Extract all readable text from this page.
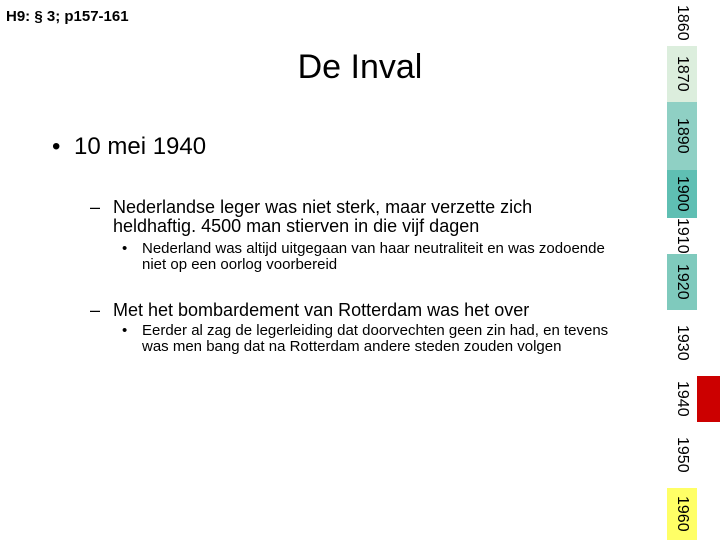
H9: § 3; p157-161
De Inval
• 10 mei 1940
– Nederlandse leger was niet sterk, maar verzette zich heldhaftig. 4500 man stierven in die vijf dagen
• Nederland was altijd uitgegaan van haar neutraliteit en was zodoende niet op een oorlog voorbereid
– Met het bombardement van Rotterdam was het over
• Eerder al zag de legerleiding dat doorvechten geen zin had, en tevens was men bang dat na Rotterdam andere steden zouden volgen
1860
1870
1890
1900
1910
1920
1930
1940
1950
1960
